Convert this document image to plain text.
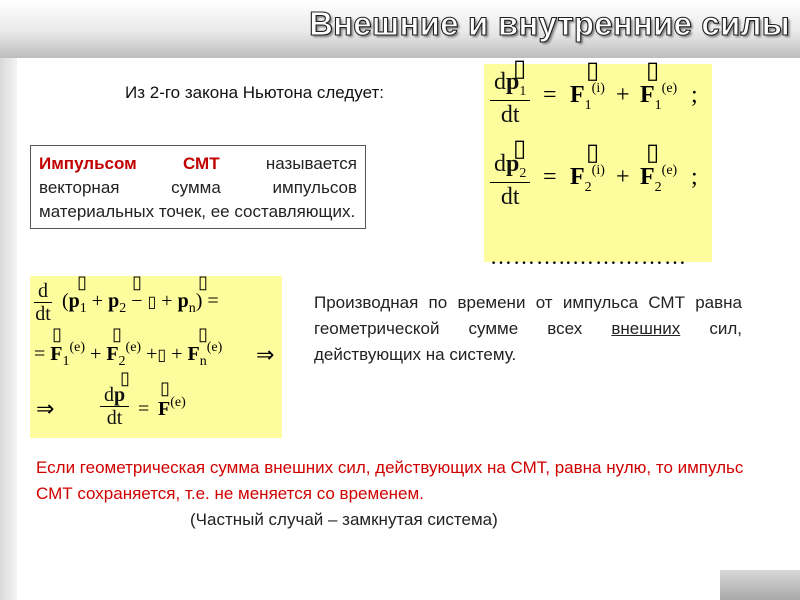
Внешние и внутренние силы
Из 2-го закона Ньютона следует:
Импульсом СМТ	называется векторная сумма импульсов материальных точек, ее составляющих.
$\frac{dp_1}{dt}$
▯
= $F_1^{(i)}$
▯
+ $F_1^{(e)}$
▯
;
$\frac{dp_2}{dt}$
▯
= $F_2^{(i)}$
▯
+ $F_2^{(e)}$
▯
;
………..……………
$\frac{d}{dt} (p_1 + p_2$ − ▯ + $p_n$) =
▯	▯	▯
= $F_1^{(e)} + F_2^{(e)}$ +▯ + $F_n^{(e)}$
▯	▯	▯
⇒
⇒ $\frac{dp}{dt}$
▯
= $F^{(e)}$
▯
Производная по времени от импульса СМТ равна геометрической сумме всех внешних сил, действующих на систему.
Если геометрическая сумма внешних сил, действующих на СМТ, равна нулю, то импульс СМТ сохраняется, т.е. не меняется со временем.
(Частный случай – замкнутая система)
